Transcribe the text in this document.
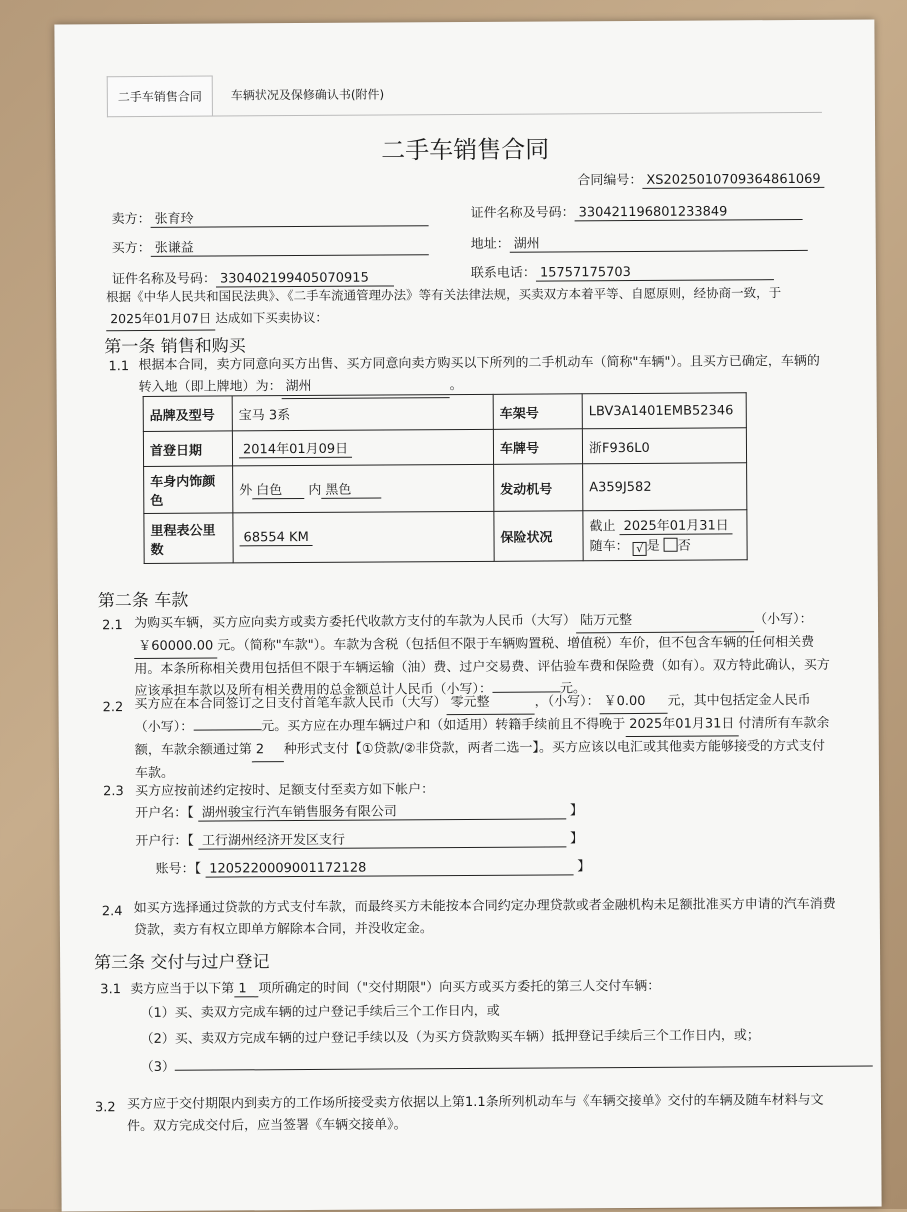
二手车销售合同	车辆状况及保修确认书(附件)
二手车销售合同
合同编号： XS20250107093648610​69
卖方： 张育玲	证件名称及号码： 330421196801233849
买方： 张谦益	地址： 湖州
证件名称及号码： 330402199405070915	联系电话： 15757175703
根据《中华人民共和国民法典》、《二手车流通管理办法》等有关法律法规，买卖双方本着平等、自愿原则，经协商一致，于2025年01月07日 达成如下买卖协议：
第一条 销售和购买
1.1 根据本合同，卖方同意向买方出售、买方同意向卖方购买以下所列的二手机动车（简称"车辆"）。且买方已确定，车辆的转入地（即上牌地）为： 湖州	。
品牌及型号	宝马 3系	车架号	LBV3A1401EMB52346
首登日期	2014年01月09日	车牌号	浙F936L0
车身内饰颜色	外 白色 内 黑色	发动机号	A359J582
里程表公里数	68554 KM	保险状况	截止 2025年01月31日
随车： √ 是 否
第二条 车款
2.1 为购买车辆，买方应向卖方或卖方委托代收款方支付的车款为人民币（大写） 陆万元整	（小写）：￥60000.00 元。（简称"车款"）。车款为含税（包括但不限于车辆购置税、增值税）车价，但不包含车辆的任何相关费用。本条所称相关费用包括但不限于车辆运输（油）费、过户交易费、评估验车费和保险费（如有）。双方特此确认，买方应该承担车款以及所有相关费用的总金额总计人民币（小写）：	元。
2.2 买方应在本合同签订之日支付首笔车款人民币（大写） 零元整	，（小写）： ￥0.00 元，其中包括定金人民币（小写）：	元。买方应在办理车辆过户和（如适用）转籍手续前且不得晚于 2025年01月31日 付清所有车款余额，车款余额通过第 2 种形式支付【①贷款/②非贷款，两者二选一】。买方应该以电汇或其他卖方能够接受的方式支付车款。
2.3 买方应按前述约定按时、足额支付至卖方如下帐户：
开户名：【 湖州骏宝行汽车销售服务有限公司	】
开户行：【 工行湖州经济开发区支行	】
账号：【 1205220009001172128	】
2.4 如买方选择通过贷款的方式支付车款，而最终买方未能按本合同约定办理贷款或者金融机构未足额批准买方申请的汽车消费贷款，卖方有权立即单方解除本合同，并没收定金。
第三条 交付与过户登记
3.1 卖方应当于以下第 1 项所确定的时间（"交付期限"）向买方或买方委托的第三人交付车辆：
（1）买、卖双方完成车辆的过户登记手续后三个工作日内，或
（2）买、卖双方完成车辆的过户登记手续以及（为买方贷款购买车辆）抵押登记手续后三个工作日内，或；
（3）
3.2 买方应于交付期限内到卖方的工作场所接受卖方依据以上第1.1条所列机动车与《车辆交接单》交付的车辆及随车材料与文件。双方完成交付后，应当签署《车辆交接单》。
